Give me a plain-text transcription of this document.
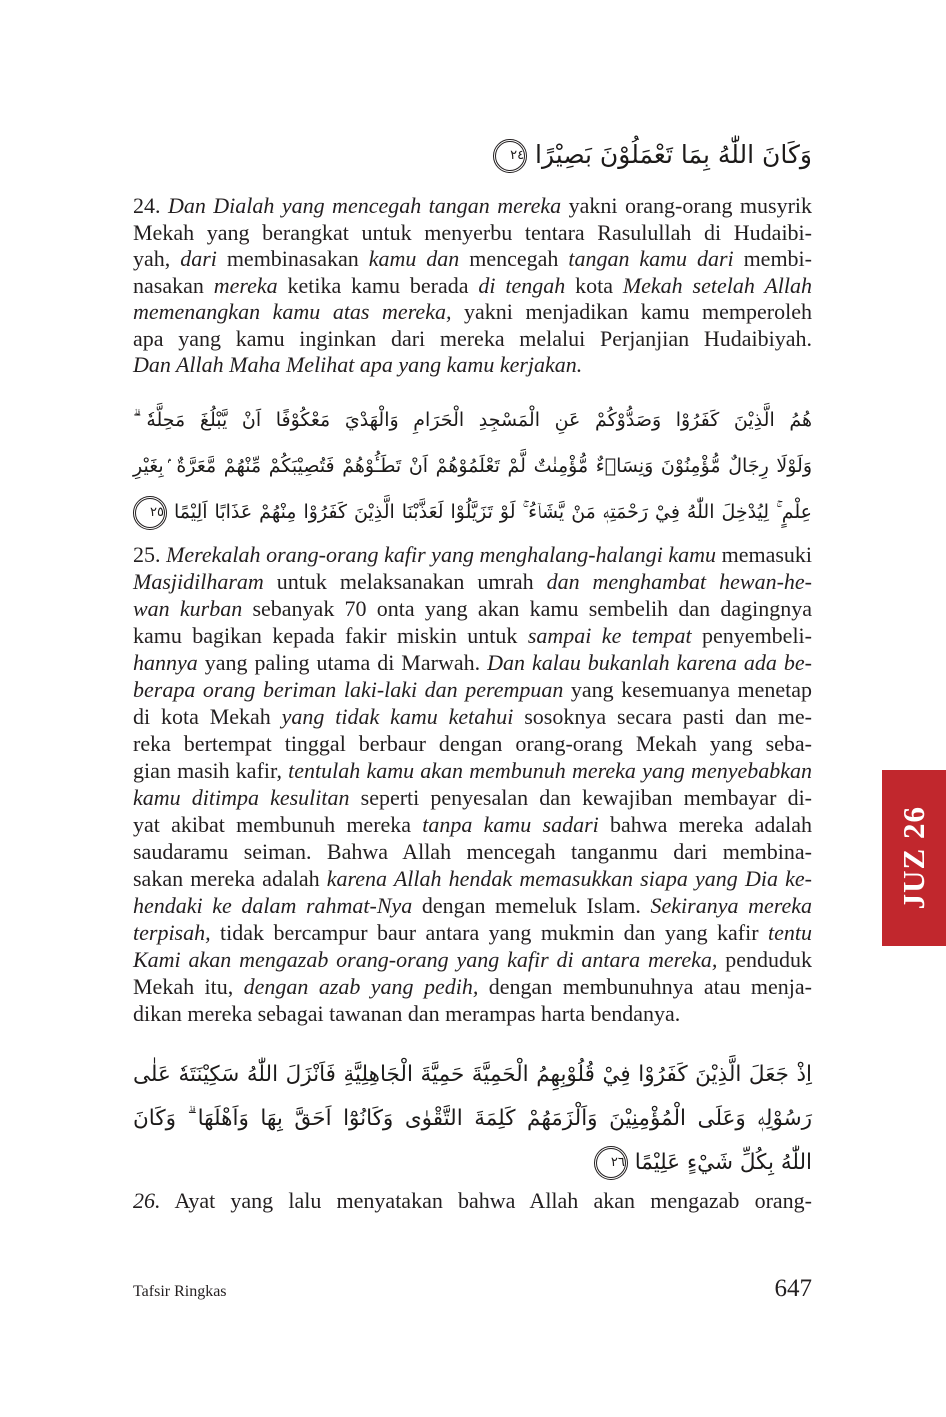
وَكَانَ اللّٰهُ بِمَا تَعْمَلُوْنَ بَصِيْرًا ٢٤
24. Dan Dialah yang mencegah tangan mereka yakni orang-orang musyrik
Mekah yang berangkat untuk menyerbu tentara Rasulullah di Hudaibi-
yah, dari membinasakan kamu dan mencegah tangan kamu dari membi-
nasakan mereka ketika kamu berada di tengah kota Mekah setelah Allah
memenangkan kamu atas mereka, yakni menjadikan kamu memperoleh
apa yang kamu inginkan dari mereka melalui Perjanjian Hudaibiyah.
Dan Allah Maha Melihat apa yang kamu kerjakan.
هُمُ الَّذِيْنَ كَفَرُوْا وَصَدُّوْكُمْ عَنِ الْمَسْجِدِ الْحَرَامِ وَالْهَدْيَ مَعْكُوْفًا اَنْ يَّبْلُغَ مَحِلَّهٗ ۗ
وَلَوْلَا رِجَالٌ مُّؤْمِنُوْنَ وَنِسَاۤءٌ مُّؤْمِنٰتٌ لَّمْ تَعْلَمُوْهُمْ اَنْ تَطَـُٔوْهُمْ فَتُصِيْبَكُمْ مِّنْهُمْ مَّعَرَّةٌ ۢبِغَيْرِ
عِلْمٍ ۚ لِيُدْخِلَ اللّٰهُ فِيْ رَحْمَتِهٖ مَنْ يَّشَاۤءُ ۚ لَوْ تَزَيَّلُوْا لَعَذَّبْنَا الَّذِيْنَ كَفَرُوْا مِنْهُمْ عَذَابًا اَلِيْمًا ٢٥
25. Merekalah orang-orang kafir yang menghalang-halangi kamu memasuki
Masjidilharam untuk melaksanakan umrah dan menghambat hewan-he-
wan kurban sebanyak 70 onta yang akan kamu sembelih dan dagingnya
kamu bagikan kepada fakir miskin untuk sampai ke tempat penyembeli-
hannya yang paling utama di Marwah. Dan kalau bukanlah karena ada be-
berapa orang beriman laki-laki dan perempuan yang kesemuanya menetap
di kota Mekah yang tidak kamu ketahui sosoknya secara pasti dan me-
reka bertempat tinggal berbaur dengan orang-orang Mekah yang seba-
gian masih kafir, tentulah kamu akan membunuh mereka yang menyebabkan
kamu ditimpa kesulitan seperti penyesalan dan kewajiban membayar di-
yat akibat membunuh mereka tanpa kamu sadari bahwa mereka adalah
saudaramu seiman. Bahwa Allah mencegah tanganmu dari membina-
sakan mereka adalah karena Allah hendak memasukkan siapa yang Dia ke-
hendaki ke dalam rahmat-Nya dengan memeluk Islam. Sekiranya mereka
terpisah, tidak bercampur baur antara yang mukmin dan yang kafir tentu
Kami akan mengazab orang-orang yang kafir di antara mereka, penduduk
Mekah itu, dengan azab yang pedih, dengan membunuhnya atau menja-
dikan mereka sebagai tawanan dan merampas harta bendanya.
اِذْ جَعَلَ الَّذِيْنَ كَفَرُوْا فِيْ قُلُوْبِهِمُ الْحَمِيَّةَ حَمِيَّةَ الْجَاهِلِيَّةِ فَاَنْزَلَ اللّٰهُ سَكِيْنَتَهٗ عَلٰى
رَسُوْلِهٖ وَعَلَى الْمُؤْمِنِيْنَ وَاَلْزَمَهُمْ كَلِمَةَ التَّقْوٰى وَكَانُوْٓا اَحَقَّ بِهَا وَاَهْلَهَا ۗ وَكَانَ
اللّٰهُ بِكُلِّ شَيْءٍ عَلِيْمًا ٢٦
26. Ayat yang lalu menyatakan bahwa Allah akan mengazab orang-
Tafsir Ringkas	647
JUZ 26
